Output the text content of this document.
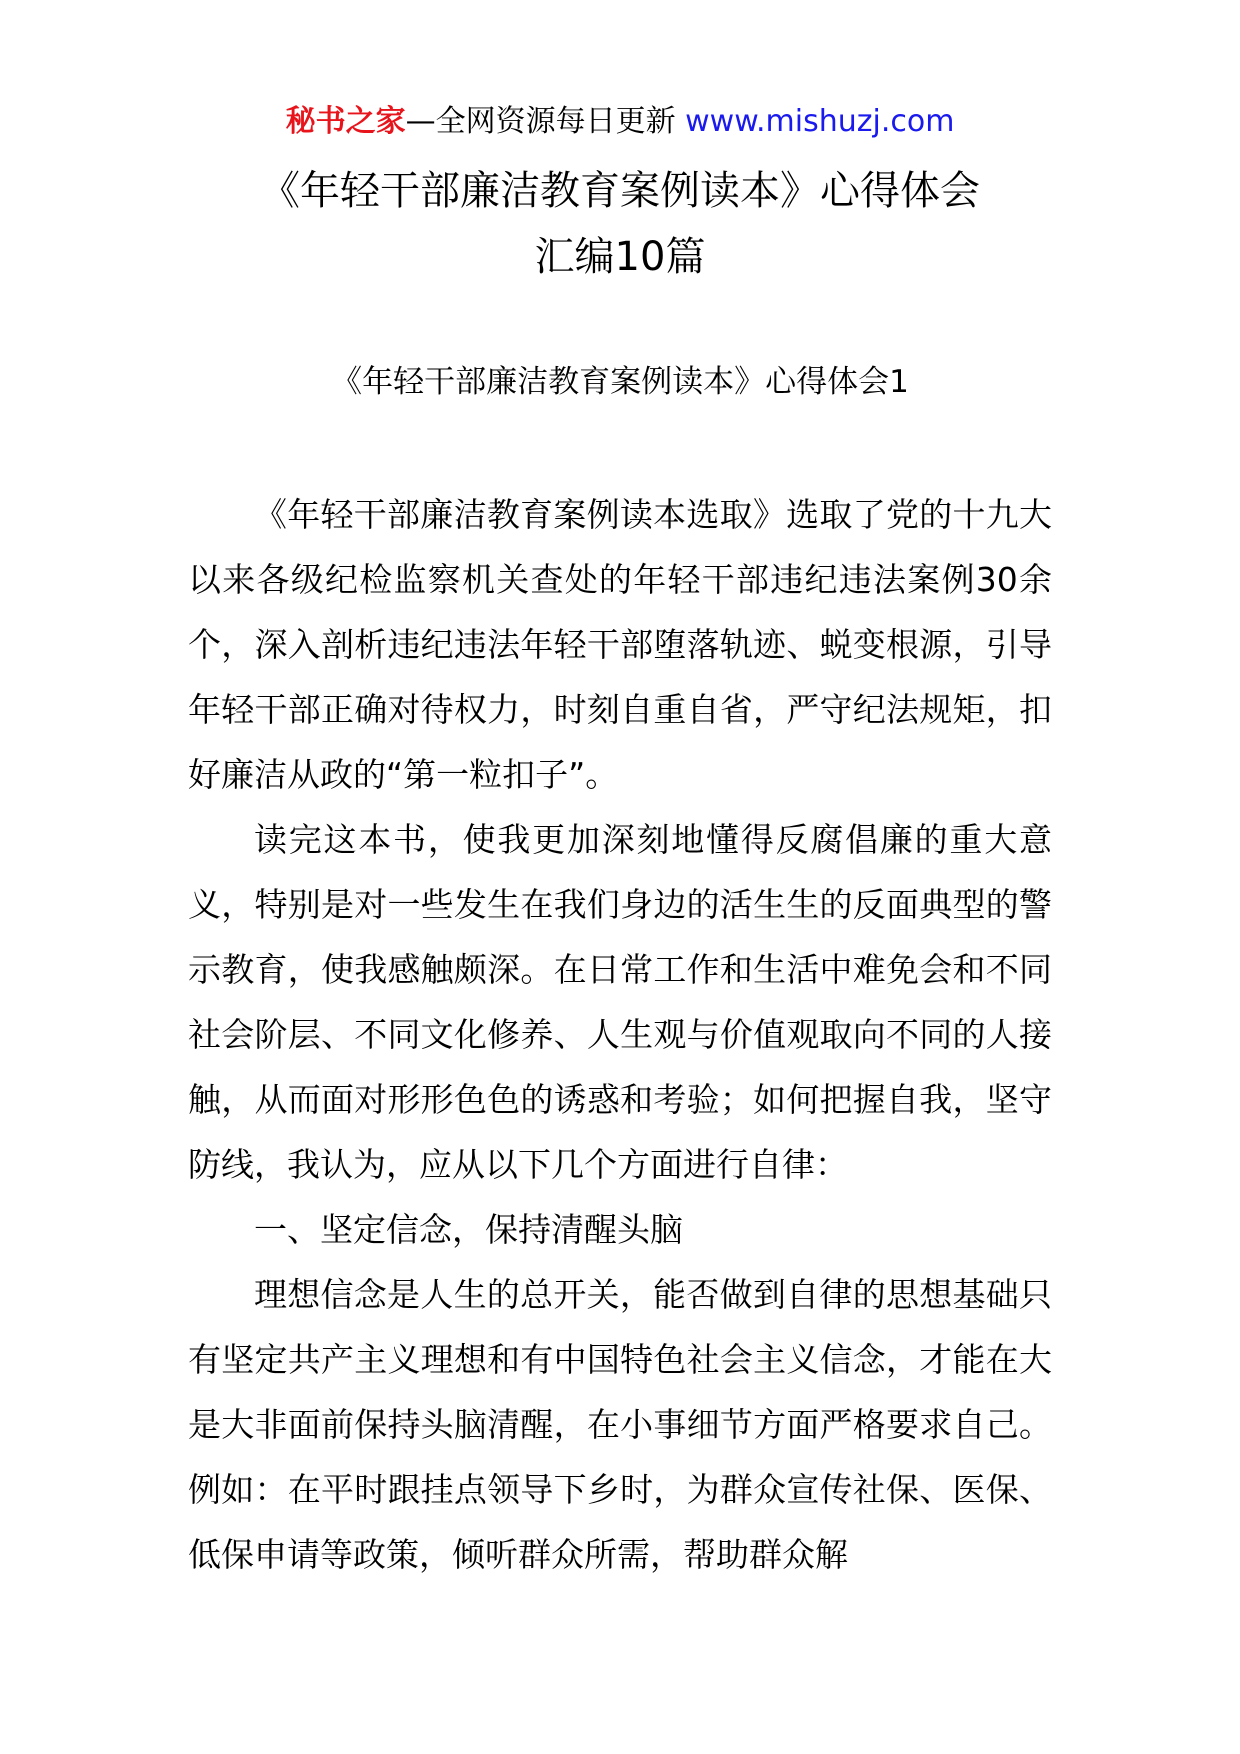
秘书之家—全网资源每日更新 www.mishuzj.com
《年轻干部廉洁教育案例读本》心得体会
汇编10篇
《年轻干部廉洁教育案例读本》心得体会1

《年轻干部廉洁教育案例读本选取》选取了党的十九大以来各级纪检监察机关查处的年轻干部违纪违法案例30余个，深入剖析违纪违法年轻干部堕落轨迹、蜕变根源，引导年轻干部正确对待权力，时刻自重自省，严守纪法规矩，扣好廉洁从政的“第一粒扣子”。

读完这本书，使我更加深刻地懂得反腐倡廉的重大意义，特别是对一些发生在我们身边的活生生的反面典型的警示教育，使我感触颇深。在日常工作和生活中难免会和不同社会阶层、不同文化修养、人生观与价值观取向不同的人接触，从而面对形形色色的诱惑和考验；如何把握自我，坚守防线，我认为，应从以下几个方面进行自律：

一、坚定信念，保持清醒头脑

理想信念是人生的总开关，能否做到自律的思想基础只有坚定共产主义理想和有中国特色社会主义信念，才能在大是大非面前保持头脑清醒，在小事细节方面严格要求自己。例如：在平时跟挂点领导下乡时，为群众宣传社保、医保、低保申请等政策，倾听群众所需，帮助群众解
